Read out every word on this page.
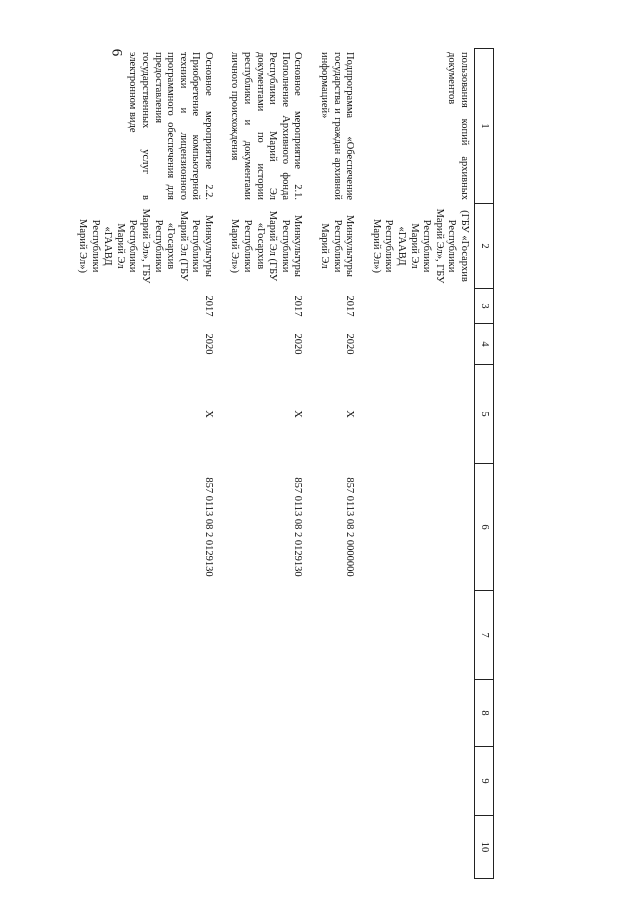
6
1	2	3	4	5	6	7	8	9	10
пользования копий архивных документов	(ГБУ «Госархив Республики Марий Эл», ГБУ Республики Марий Эл «ГААВД Республики Марий Эл»)								
Подпрограмма «Обеспечение государства и граждан архивной информацией»	Минкультуры Республики Марий Эл	2017	2020	X	857 0113 08 2 0000000				
Основное мероприятие 2.1. Пополнение Архивного фонда Республики Марий Эл документами по истории республики и документами личного происхождения	Минкультуры Республики Марий Эл (ГБУ «Госархив Республики Марий Эл»)	2017	2020	X	857 0113 08 2 0129130				
Основное мероприятие 2.2. Приобретение компьютерной техники и лицензионного программного обеспечения для предоставления государственных услуг в электронном виде	Минкультуры Республики Марий Эл (ГБУ «Госархив Республики Марий Эл», ГБУ Республики Марий Эл «ГААВД Республики Марий Эл»)	2017	2020	X	857 0113 08 2 0129130				
